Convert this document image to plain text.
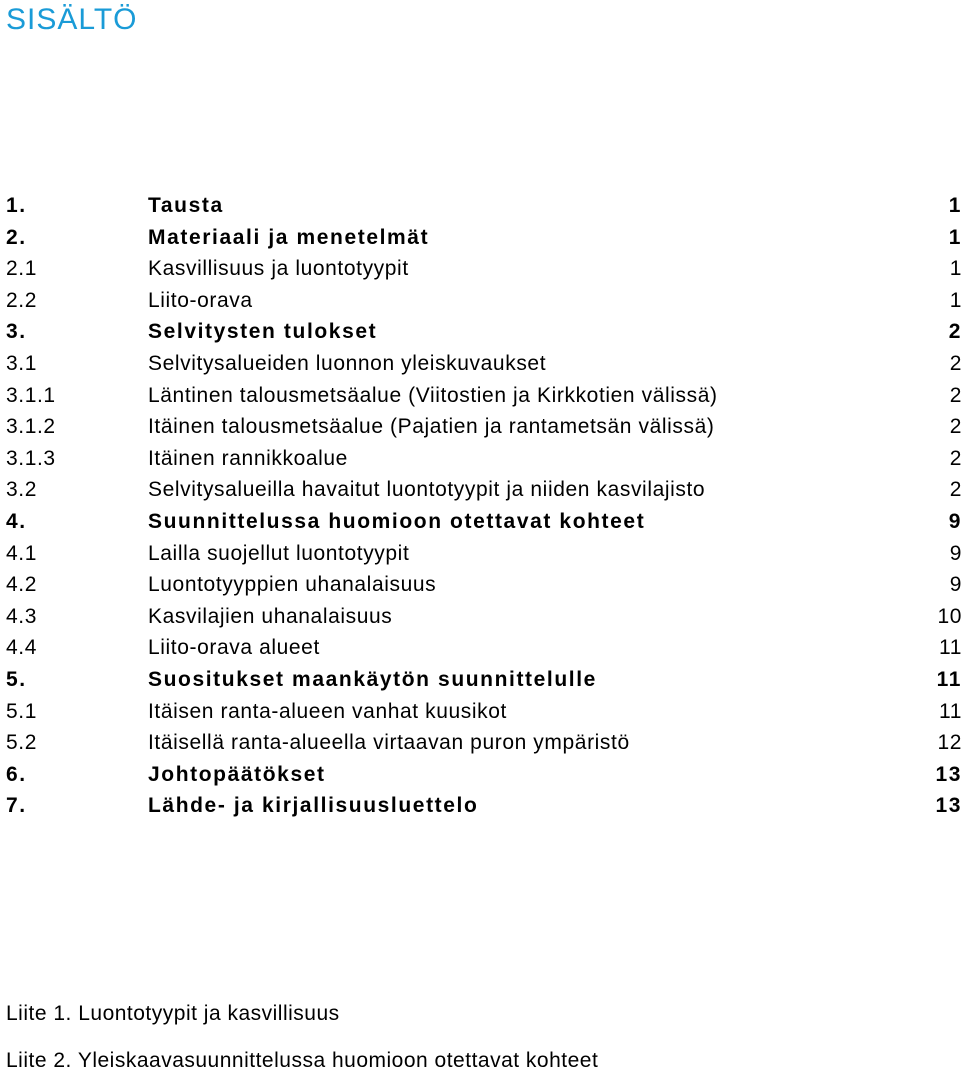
SISÄLTÖ
1.	Tausta	1
2.	Materiaali ja menetelmät	1
2.1	Kasvillisuus ja luontotyypit	1
2.2	Liito-orava	1
3.	Selvitysten tulokset	2
3.1	Selvitysalueiden luonnon yleiskuvaukset	2
3.1.1	Läntinen talousmetsäalue (Viitostien ja Kirkkotien välissä)	2
3.1.2	Itäinen talousmetsäalue (Pajatien ja rantametsän välissä)	2
3.1.3	Itäinen rannikkoalue	2
3.2	Selvitysalueilla havaitut luontotyypit ja niiden kasvilajisto	2
4.	Suunnittelussa huomioon otettavat kohteet	9
4.1	Lailla suojellut luontotyypit	9
4.2	Luontotyyppien uhanalaisuus	9
4.3	Kasvilajien uhanalaisuus	10
4.4	Liito-orava alueet	11
5.	Suositukset maankäytön suunnittelulle	11
5.1	Itäisen ranta-alueen vanhat kuusikot	11
5.2	Itäisellä ranta-alueella virtaavan puron ympäristö	12
6.	Johtopäätökset	13
7.	Lähde- ja kirjallisuusluettelo	13
Liite 1. Luontotyypit ja kasvillisuus
Liite 2. Yleiskaavasuunnittelussa huomioon otettavat kohteet
